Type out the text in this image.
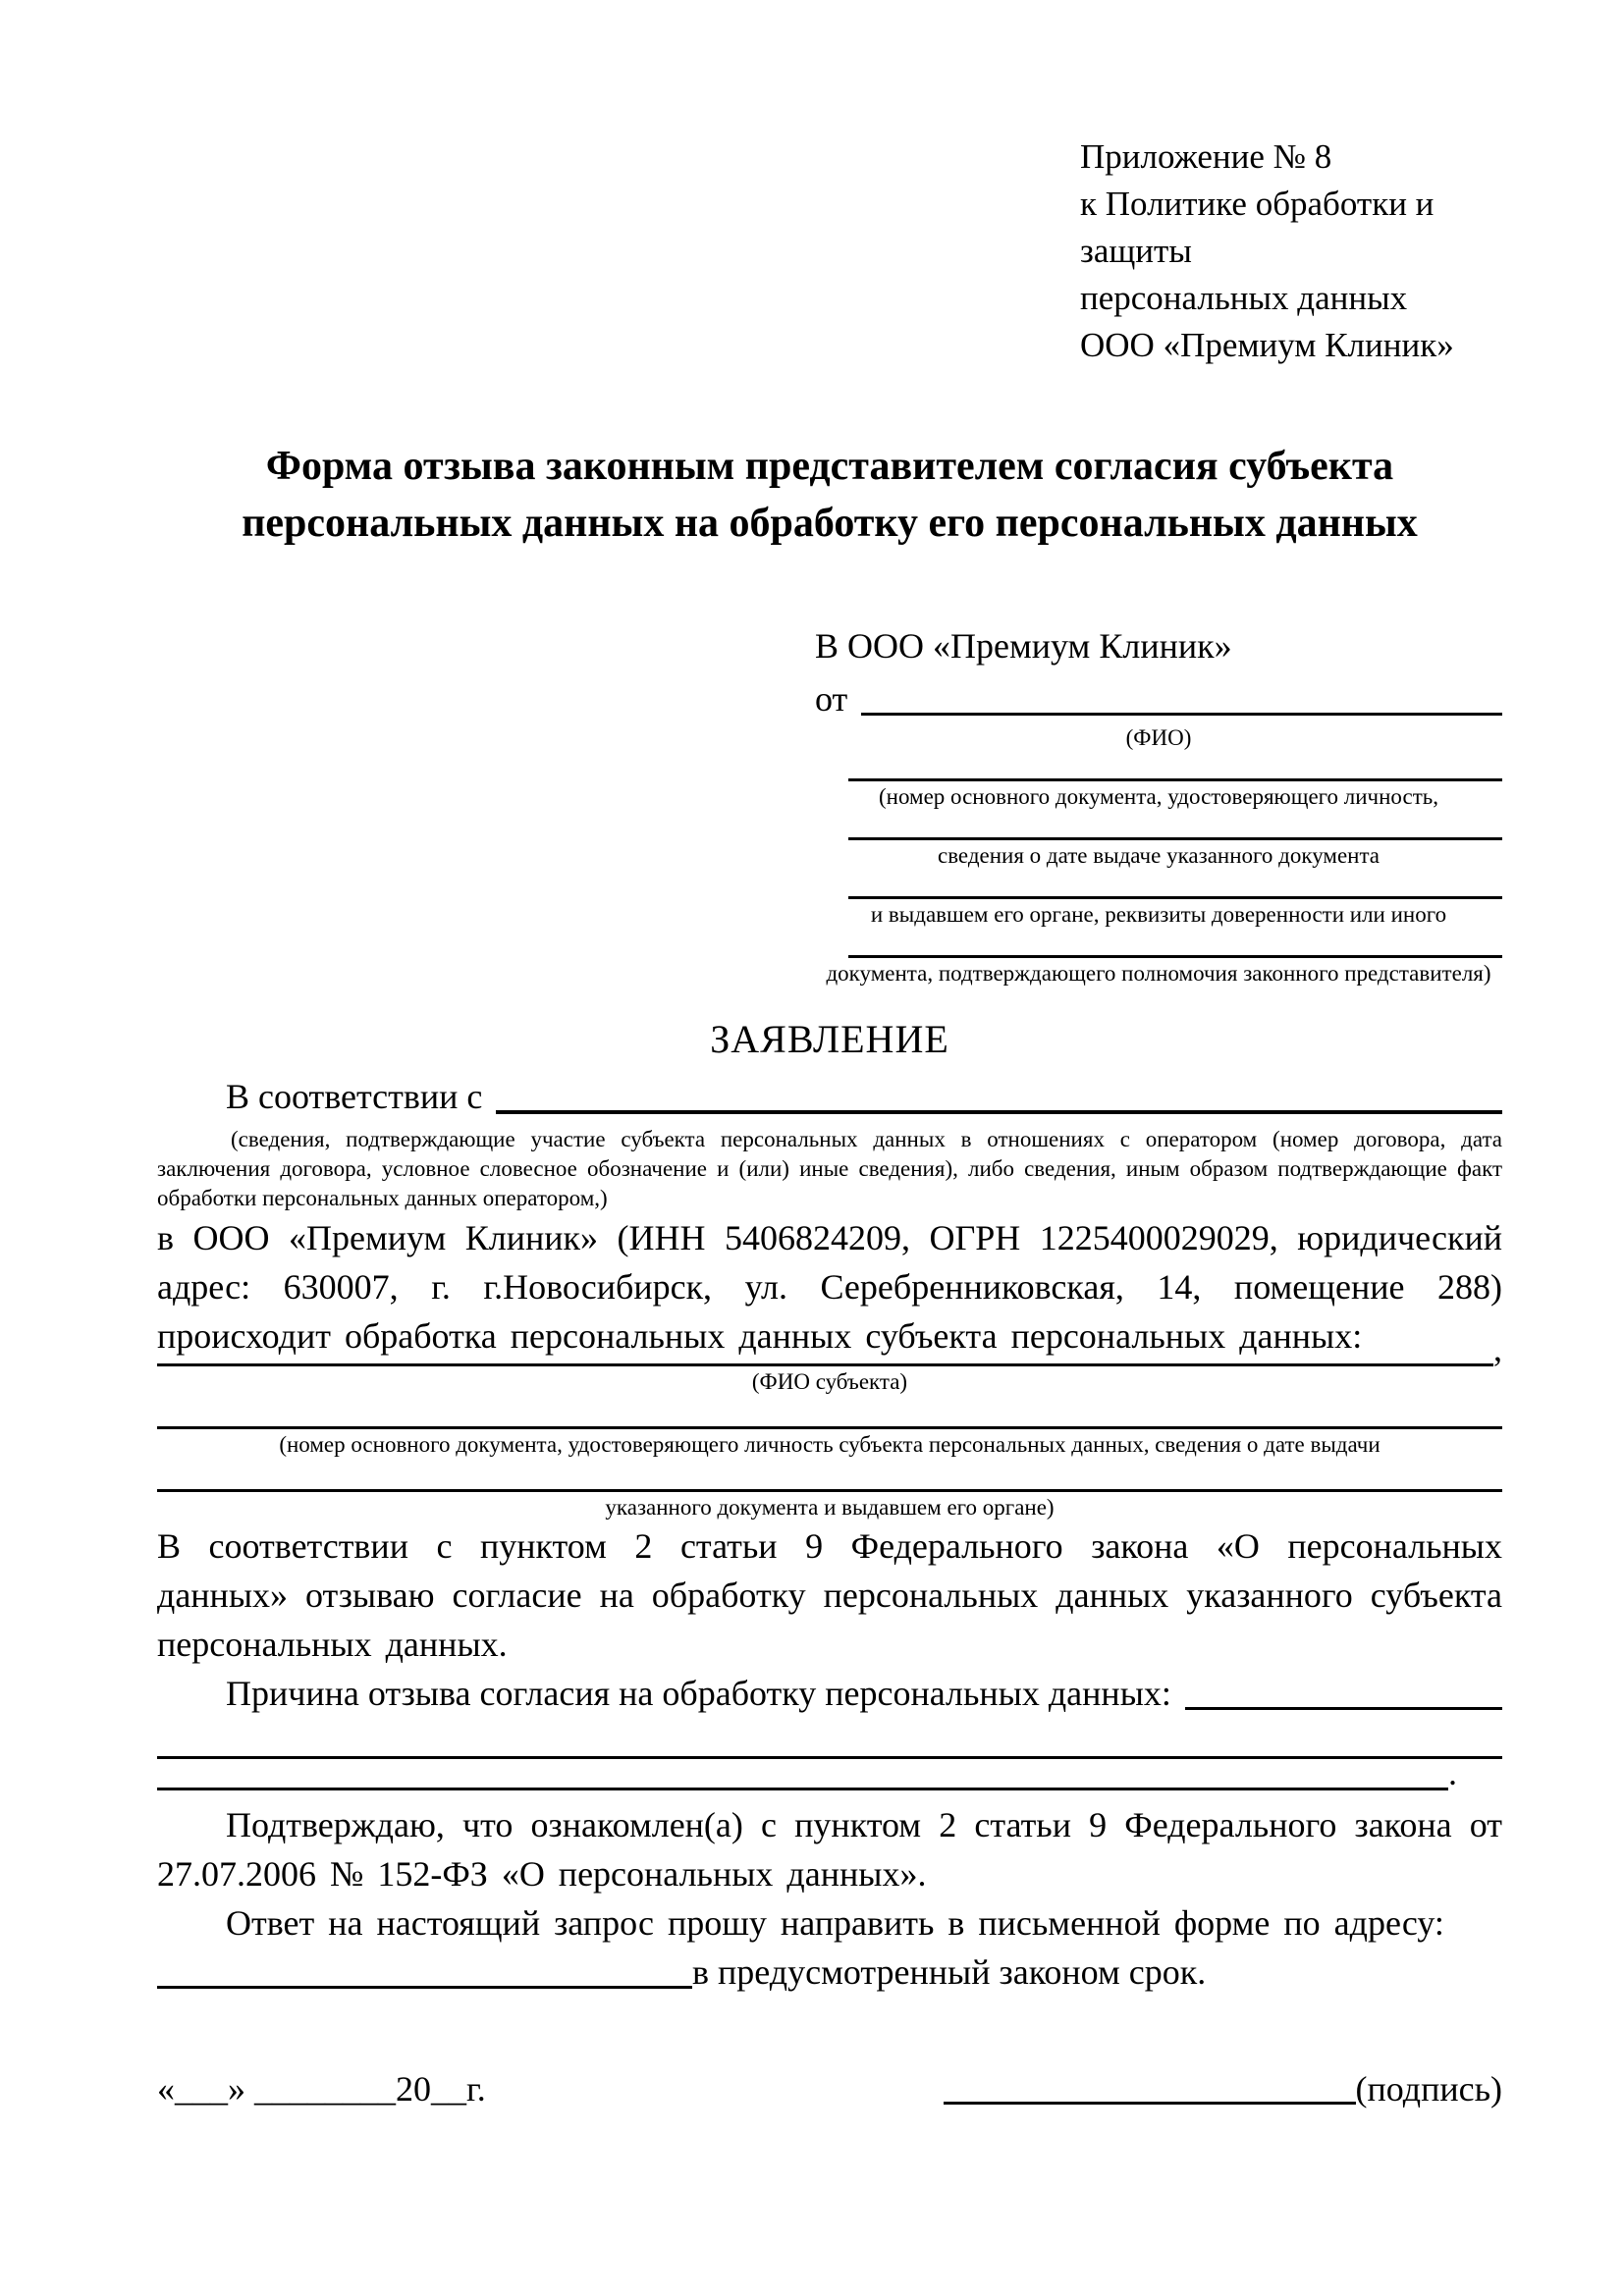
Приложение № 8
к Политике обработки и защиты
персональных данных
ООО «Премиум Клиник»
Форма отзыва законным представителем согласия субъекта персональных данных на обработку его персональных данных
В ООО «Премиум Клиник»
от
(ФИО)
(номер основного документа, удостоверяющего личность,
сведения о дате выдаче указанного документа
и выдавшем его органе, реквизиты доверенности или иного
документа, подтверждающего полномочия законного представителя)
ЗАЯВЛЕНИЕ
В соответствии с
(сведения, подтверждающие участие субъекта персональных данных в отношениях с оператором (номер договора, дата заключения договора, условное словесное обозначение и (или) иные сведения), либо сведения, иным образом подтверждающие факт обработки персональных данных оператором,)
в ООО «Премиум Клиник» (ИНН 5406824209, ОГРН 1225400029029, юридический адрес: 630007, г. г.Новосибирск, ул. Серебренниковская, 14, помещение 288) происходит обработка персональных данных субъекта персональных данных:	,
(ФИО субъекта)
(номер основного документа, удостоверяющего личность субъекта персональных данных, сведения о дате выдачи
указанного документа и выдавшем его органе)
В соответствии с пунктом 2 статьи 9 Федерального закона «О персональных данных» отзываю согласие на обработку персональных данных указанного субъекта персональных данных.
Причина отзыва согласия на обработку персональных данных:
.
Подтверждаю, что ознакомлен(а) с пунктом 2 статьи 9 Федерального закона от 27.07.2006 № 152-ФЗ «О персональных данных».
Ответ на настоящий запрос прошу направить в письменной форме по адресу:
в предусмотренный законом срок.
«___» ________20__г.	(подпись)
